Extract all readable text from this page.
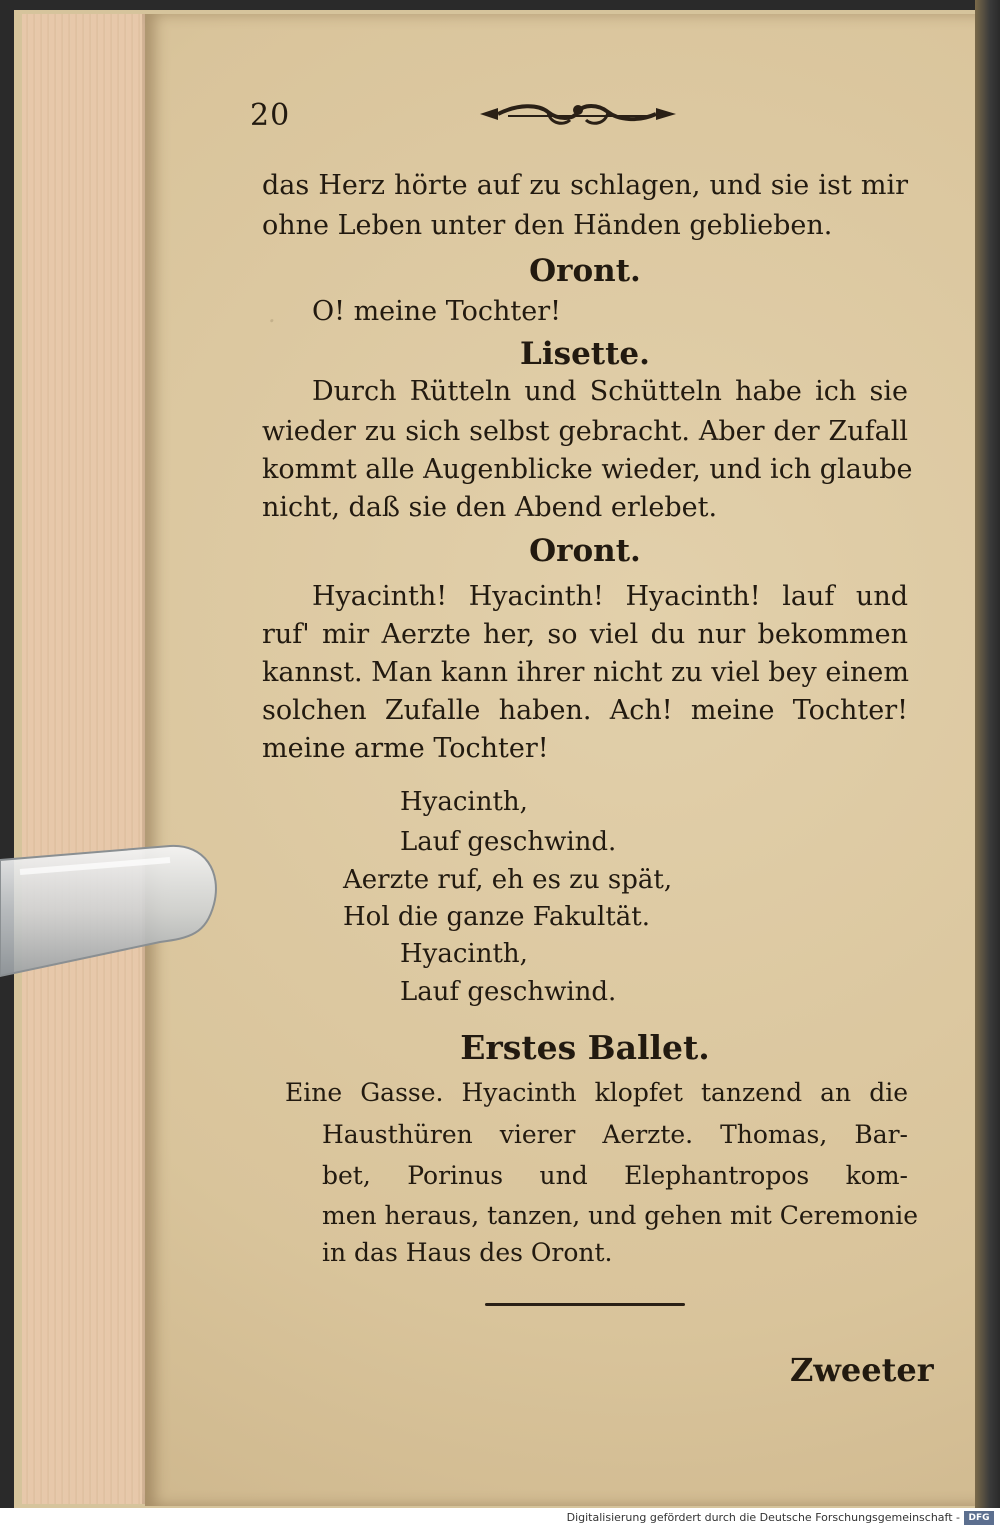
.
20
das Herz hörte auf zu schlagen, und sie ist mir
ohne Leben unter den Händen geblieben.
Oront.
O! meine Tochter!
Lisette.
Durch Rütteln und Schütteln habe ich sie
wieder zu sich selbst gebracht. Aber der Zufall
kommt alle Augenblicke wieder, und ich glaube
nicht, daß sie den Abend erlebet.
Oront.
Hyacinth! Hyacinth! Hyacinth! lauf und
ruf' mir Aerzte her, so viel du nur bekommen
kannst. Man kann ihrer nicht zu viel bey einem
solchen Zufalle haben. Ach! meine Tochter!
meine arme Tochter!
Hyacinth,
Lauf geschwind.
Aerzte ruf, eh es zu spät,
Hol die ganze Fakultät.
Hyacinth,
Lauf geschwind.
Erstes Ballet.
Eine Gasse. Hyacinth klopfet tanzend an die
Hausthüren vierer Aerzte. Thomas, Bar-
bet, Porinus und Elephantropos kom-
men heraus, tanzen, und gehen mit Ceremonie
in das Haus des Oront.
Zweeter
Digitalisierung gefördert durch die Deutsche Forschungsgemeinschaft - DFG
